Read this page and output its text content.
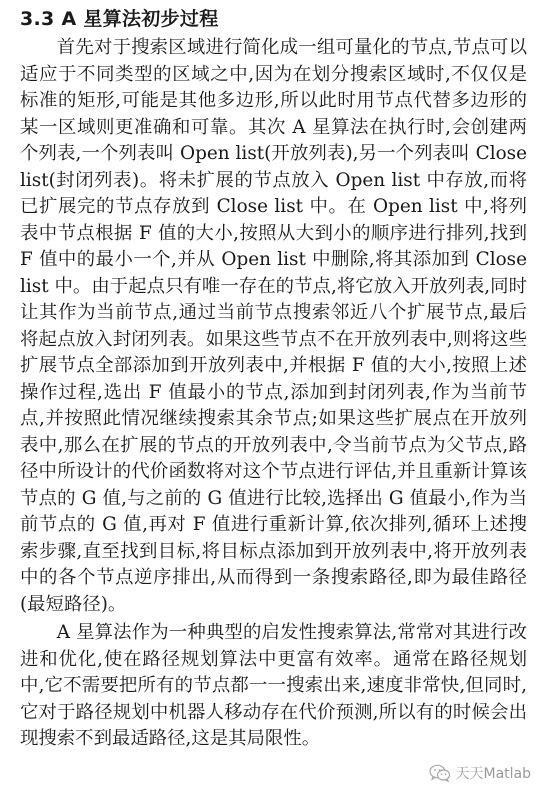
3.3 A 星算法初步过程

首先对于搜索区域进行简化成一组可量化的节点,节点可以适应于不同类型的区域之中,因为在划分搜索区域时,不仅仅是标准的矩形,可能是其他多边形,所以此时用节点代替多边形的某一区域则更准确和可靠。其次 A 星算法在执行时,会创建两个列表,一个列表叫 Open list(开放列表),另一个列表叫 Close list(封闭列表)。将未扩展的节点放入 Open list 中存放,而将已扩展完的节点存放到 Close list 中。在 Open list 中,将列表中节点根据 F 值的大小,按照从大到小的顺序进行排列,找到 F 值中的最小一个,并从 Open list 中删除,将其添加到 Close list 中。由于起点只有唯一存在的节点,将它放入开放列表,同时让其作为当前节点,通过当前节点搜索邻近八个扩展节点,最后将起点放入封闭列表。如果这些节点不在开放列表中,则将这些扩展节点全部添加到开放列表中,并根据 F 值的大小,按照上述操作过程,选出 F 值最小的节点,添加到封闭列表,作为当前节点,并按照此情况继续搜索其余节点;如果这些扩展点在开放列表中,那么在扩展的节点的开放列表中,令当前节点为父节点,路径中所设计的代价函数将对这个节点进行评估,并且重新计算该节点的 G 值,与之前的 G 值进行比较,选择出 G 值最小,作为当前节点的 G 值,再对 F 值进行重新计算,依次排列,循环上述搜索步骤,直至找到目标,将目标点添加到开放列表中,将开放列表中的各个节点逆序排出,从而得到一条搜索路径,即为最佳路径(最短路径)。

A 星算法作为一种典型的启发性搜索算法,常常对其进行改进和优化,使在路径规划算法中更富有效率。通常在路径规划中,它不需要把所有的节点都一一搜索出来,速度非常快,但同时,它对于路径规划中机器人移动存在代价预测,所以有的时候会出现搜索不到最适路径,这是其局限性。

天天Matlab
